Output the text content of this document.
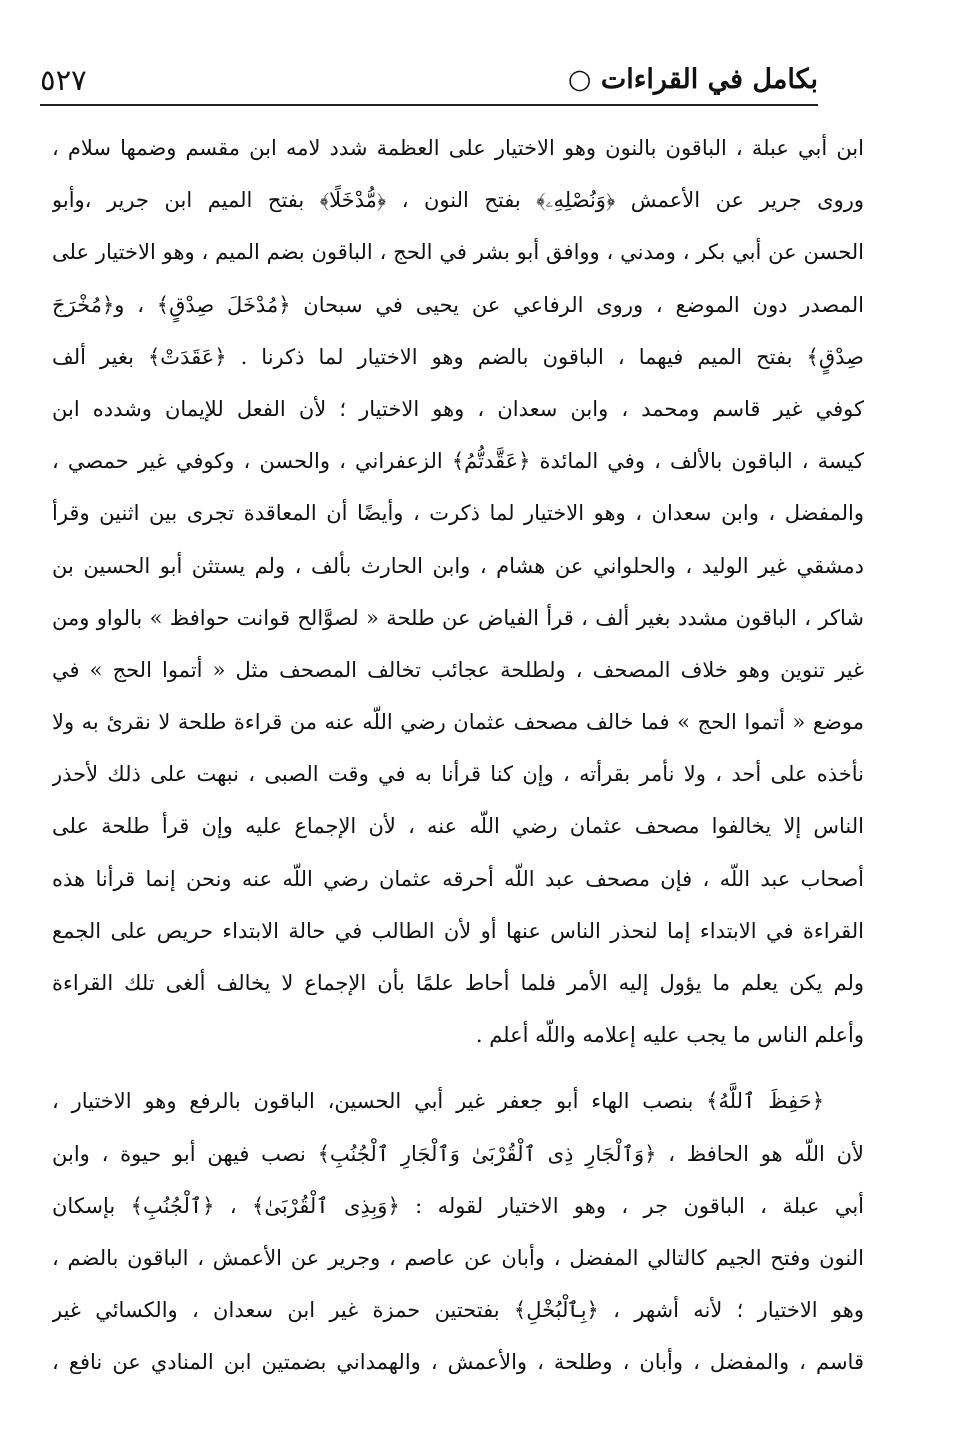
بكامل في القراءات ○
٥٢٧
ابن أبي عبلة ، الباقون بالنون وهو الاختيار على العظمة شدد لامه ابن مقسم وضمها سلام ،
وروى جرير عن الأعمش ﴿وَنُصْلِهِۦ﴾ بفتح النون ، ﴿مُّدْخَلًا﴾ بفتح الميم ابن جرير ،وأبو
الحسن عن أبي بكر ، ومدني ، ووافق أبو بشر في الحج ، الباقون بضم الميم ، وهو الاختيار على
المصدر دون الموضع ، وروى الرفاعي عن يحيى في سبحان ﴿مُدْخَلَ صِدْقٍ﴾ ، و﴿مُخْرَجَ
صِدْقٍ﴾ بفتح الميم فيهما ، الباقون بالضم وهو الاختيار لما ذكرنا . ﴿عَقَدَتْ﴾ بغير ألف
كوفي غير قاسم ومحمد ، وابن سعدان ، وهو الاختيار ؛ لأن الفعل للإيمان وشدده ابن
كيسة ، الباقون بالألف ، وفي المائدة ﴿عَقَّدتُّمُ﴾ الزعفراني ، والحسن ، وكوفي غير حمصي ،
والمفضل ، وابن سعدان ، وهو الاختيار لما ذكرت ، وأيضًا أن المعاقدة تجرى بين اثنين وقرأ
دمشقي غير الوليد ، والحلواني عن هشام ، وابن الحارث بألف ، ولم يستثن أبو الحسين بن
شاكر ، الباقون مشدد بغير ألف ، قرأ الفياض عن طلحة « لصوَّالح قوانت حوافظ » بالواو ومن
غير تنوين وهو خلاف المصحف ، ولطلحة عجائب تخالف المصحف مثل « أتموا الحج » في
موضع « أتموا الحج » فما خالف مصحف عثمان رضي اللّه عنه من قراءة طلحة لا نقرئ به ولا
نأخذه على أحد ، ولا نأمر بقرأته ، وإن كنا قرأنا به في وقت الصبى ، نبهت على ذلك لأحذر
الناس إلا يخالفوا مصحف عثمان رضي اللّه عنه ، لأن الإجماع عليه وإن قرأ طلحة على
أصحاب عبد اللّه ، فإن مصحف عبد اللّه أحرقه عثمان رضي اللّه عنه ونحن إنما قرأنا هذه
القراءة في الابتداء إما لنحذر الناس عنها أو لأن الطالب في حالة الابتداء حريص على الجمع
ولم يكن يعلم ما يؤول إليه الأمر فلما أحاط علمًا بأن الإجماع لا يخالف ألغى تلك القراءة
وأعلم الناس ما يجب عليه إعلامه واللّه أعلم .
﴿حَفِظَ ٱللَّهُ﴾ بنصب الهاء أبو جعفر غير أبي الحسين، الباقون بالرفع وهو الاختيار ،
لأن اللّه هو الحافظ ، ﴿وَٱلْجَارِ ذِى ٱلْقُرْبَىٰ وَٱلْجَارِ ٱلْجُنُبِ﴾ نصب فيهن أبو حيوة ، وابن
أبي عبلة ، الباقون جر ، وهو الاختيار لقوله : ﴿وَبِذِى ٱلْقُرْبَىٰ﴾ ، ﴿ٱلْجُنُبِ﴾ بإسكان
النون وفتح الجيم كالتالي المفضل ، وأبان عن عاصم ، وجرير عن الأعمش ، الباقون بالضم ،
وهو الاختيار ؛ لأنه أشهر ، ﴿بِٱلْبُخْلِ﴾ بفتحتين حمزة غير ابن سعدان ، والكسائي غير
قاسم ، والمفضل ، وأبان ، وطلحة ، والأعمش ، والهمداني بضمتين ابن المنادي عن نافع ،
